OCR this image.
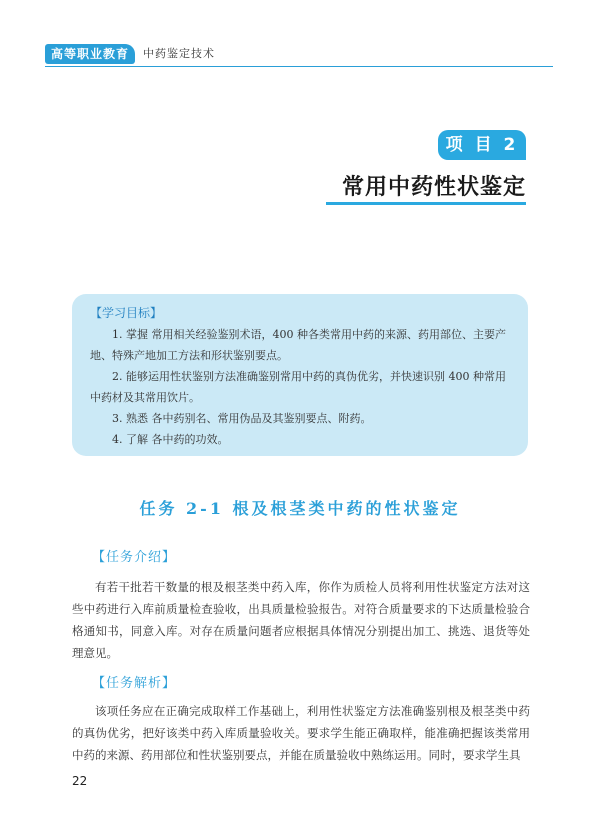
高等职业教育	中药鉴定技术
项 目 2
常用中药性状鉴定
【学习目标】

1. 掌握 常用相关经验鉴别术语，400 种各类常用中药的来源、药用部位、主要产地、特殊产地加工方法和形状鉴别要点。

2. 能够运用性状鉴别方法准确鉴别常用中药的真伪优劣，并快速识别 400 种常用中药材及其常用饮片。

3. 熟悉 各中药别名、常用伪品及其鉴别要点、附药。

4. 了解 各中药的功效。

任务 2-1 根及根茎类中药的性状鉴定
【任务介绍】

有若干批若干数量的根及根茎类中药入库，你作为质检人员将利用性状鉴定方法对这些中药进行入库前质量检查验收，出具质量检验报告。对符合质量要求的下达质量检验合格通知书，同意入库。对存在质量问题者应根据具体情况分别提出加工、挑选、退货等处理意见。

【任务解析】

该项任务应在正确完成取样工作基础上，利用性状鉴定方法准确鉴别根及根茎类中药的真伪优劣，把好该类中药入库质量验收关。要求学生能正确取样，能准确把握该类常用中药的来源、药用部位和性状鉴别要点，并能在质量验收中熟练运用。同时，要求学生具

22
